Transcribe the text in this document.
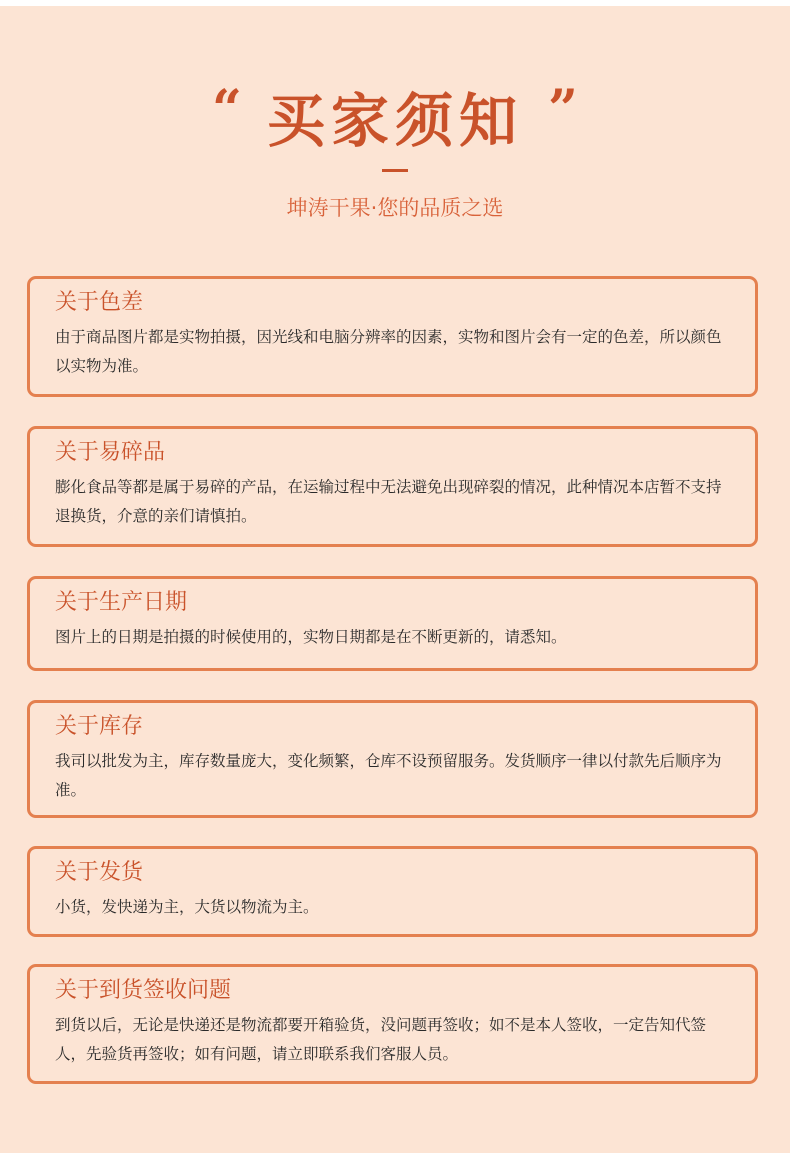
“ 买家须知 ”
坤涛干果·您的品质之选
关于色差
由于商品图片都是实物拍摄，因光线和电脑分辨率的因素，实物和图片会有一定的色差，所以颜色以实物为准。
关于易碎品
膨化食品等都是属于易碎的产品，在运输过程中无法避免出现碎裂的情况，此种情况本店暂不支持退换货，介意的亲们请慎拍。
关于生产日期
图片上的日期是拍摄的时候使用的，实物日期都是在不断更新的，请悉知。
关于库存
我司以批发为主，库存数量庞大，变化频繁，仓库不设预留服务。发货顺序一律以付款先后顺序为准。
关于发货
小货，发快递为主，大货以物流为主。
关于到货签收问题
到货以后，无论是快递还是物流都要开箱验货，没问题再签收；如不是本人签收，一定告知代签人，先验货再签收；如有问题，请立即联系我们客服人员。
